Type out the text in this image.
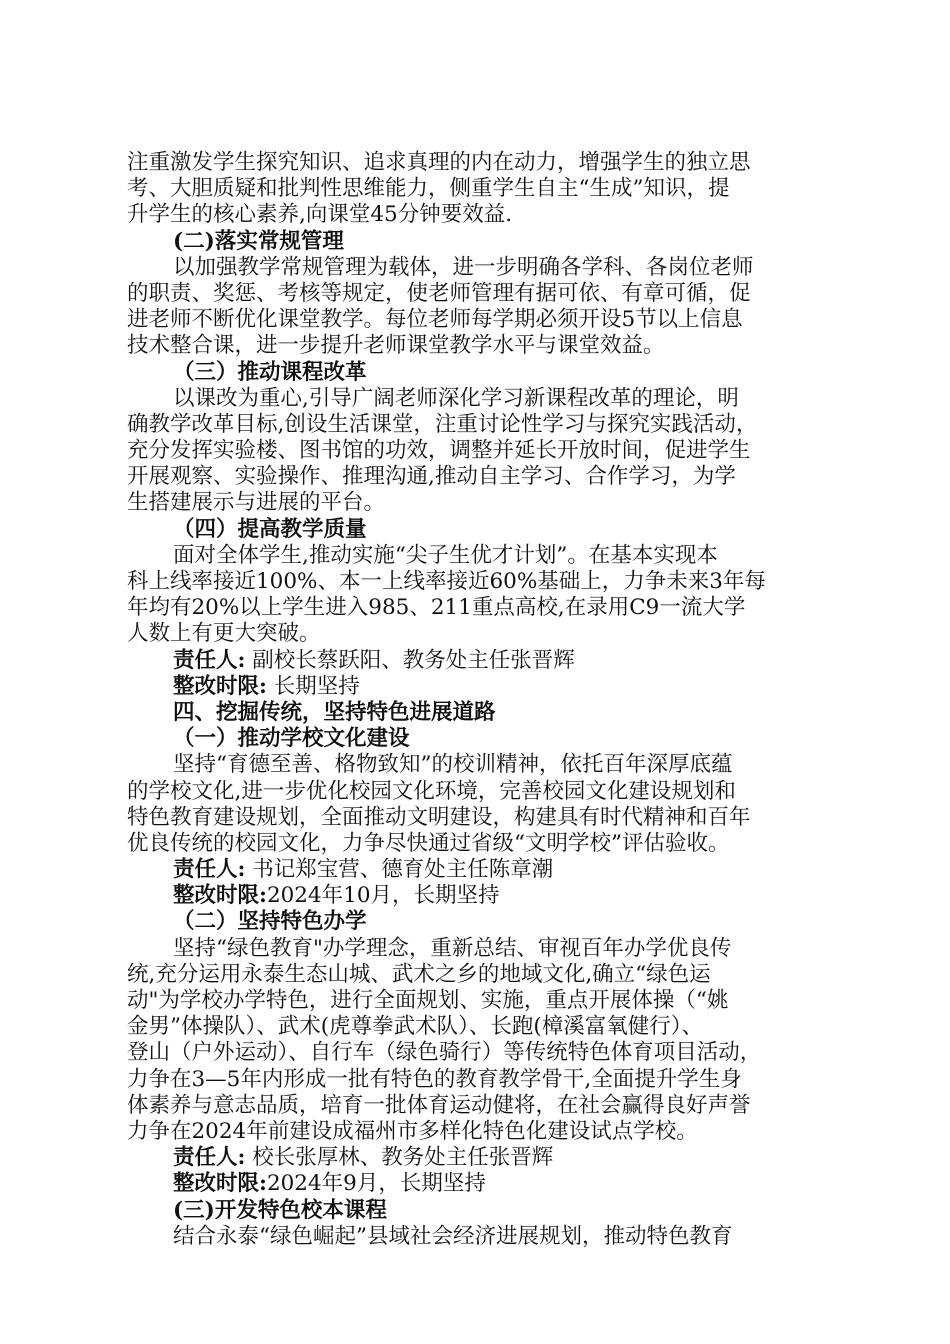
注重激发学生探究知识、追求真理的内在动力，增强学生的独立思
考、大胆质疑和批判性思维能力，侧重学生自主“生成”知识，提
升学生的核心素养,向课堂45分钟要效益.
(二)落实常规管理
以加强教学常规管理为载体，进一步明确各学科、各岗位老师
的职责、奖惩、考核等规定，使老师管理有据可依、有章可循，促
进老师不断优化课堂教学。每位老师每学期必须开设5节以上信息
技术整合课，进一步提升老师课堂教学水平与课堂效益。
（三）推动课程改革
以课改为重心,引导广阔老师深化学习新课程改革的理论，明
确教学改革目标,创设生活课堂，注重讨论性学习与探究实践活动，
充分发挥实验楼、图书馆的功效，调整并延长开放时间，促进学生
开展观察、实验操作、推理沟通,推动自主学习、合作学习，为学
生搭建展示与进展的平台。
（四）提高教学质量
面对全体学生,推动实施“尖子生优才计划”。在基本实现本
科上线率接近100%、本一上线率接近60%基础上，力争未来3年每
年均有20%以上学生进入985、211重点高校,在录用C9一流大学
人数上有更大突破。
责任人: 副校长蔡跃阳、教务处主任张晋辉
整改时限: 长期坚持
四、挖掘传统，坚持特色进展道路
（一）推动学校文化建设
坚持“育德至善、格物致知”的校训精神，依托百年深厚底蕴
的学校文化,进一步优化校园文化环境，完善校园文化建设规划和
特色教育建设规划，全面推动文明建设，构建具有时代精神和百年
优良传统的校园文化，力争尽快通过省级“文明学校”评估验收。
责任人: 书记郑宝营、德育处主任陈章潮
整改时限:2024年10月，长期坚持
（二）坚持特色办学
坚持“绿色教育"办学理念，重新总结、审视百年办学优良传
统,充分运用永泰生态山城、武术之乡的地域文化,确立“绿色运
动"为学校办学特色，进行全面规划、实施，重点开展体操（“姚
金男”体操队）、武术(虎尊拳武术队）、长跑(樟溪富氧健行）、
登山（户外运动）、自行车（绿色骑行）等传统特色体育项目活动，
力争在3—5年内形成一批有特色的教育教学骨干,全面提升学生身
体素养与意志品质，培育一批体育运动健将，在社会赢得良好声誉
力争在2024年前建设成福州市多样化特色化建设试点学校。
责任人: 校长张厚林、教务处主任张晋辉
整改时限:2024年9月，长期坚持
(三)开发特色校本课程
结合永泰“绿色崛起”县域社会经济进展规划，推动特色教育
